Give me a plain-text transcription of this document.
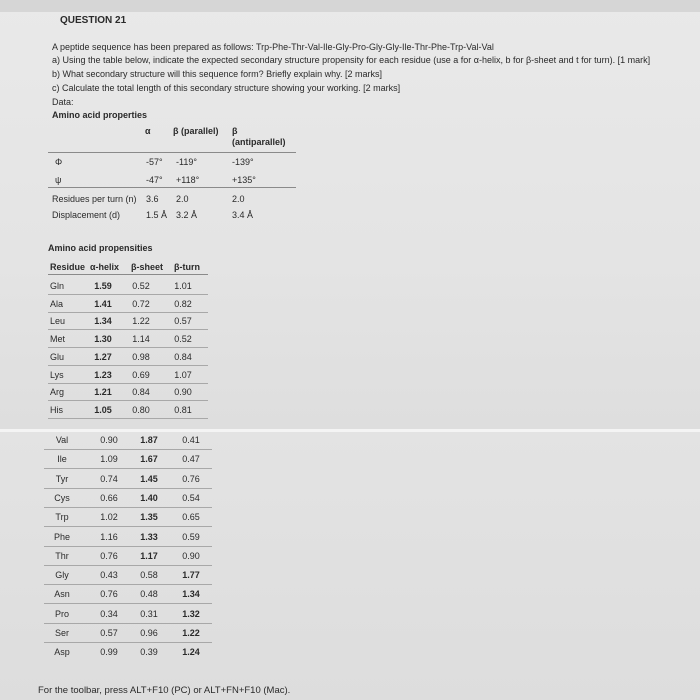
QUESTION 21
A peptide sequence has been prepared as follows: Trp-Phe-Thr-Val-Ile-Gly-Pro-Gly-Gly-Ile-Thr-Phe-Trp-Val-Val
a) Using the table below, indicate the expected secondary structure propensity for each residue (use a for α-helix, b for β-sheet and t for turn). [1 mark]
b) What secondary structure will this sequence form? Briefly explain why. [2 marks]
c) Calculate the total length of this secondary structure showing your working. [2 marks]
Data:
Amino acid properties
α β (parallel) β
(antiparallel)
Φ	-57° -119°	-139°
ψ	-47° +118°	+135°
Residues per turn (n) 3.6 2.0	2.0
Displacement (d)	1.5 Å 3.2 Å	3.4 Å
Amino acid propensities
Residue α-helix β-sheet β-turn
Gln	1.59	0.52	1.01
Ala	1.41	0.72	0.82
Leu	1.34	1.22	0.57
Met	1.30	1.14	0.52
Glu	1.27	0.98	0.84
Lys	1.23	0.69	1.07
Arg	1.21	0.84	0.90
His	1.05	0.80	0.81
Val	0.90	1.87	0.41
Ile	1.09	1.67	0.47
Tyr	0.74	1.45	0.76
Cys	0.66	1.40	0.54
Trp	1.02	1.35	0.65
Phe	1.16	1.33	0.59
Thr	0.76	1.17	0.90
Gly	0.43	0.58	1.77
Asn	0.76	0.48	1.34
Pro	0.34	0.31	1.32
Ser	0.57	0.96	1.22
Asp	0.99	0.39	1.24
For the toolbar, press ALT+F10 (PC) or ALT+FN+F10 (Mac).
